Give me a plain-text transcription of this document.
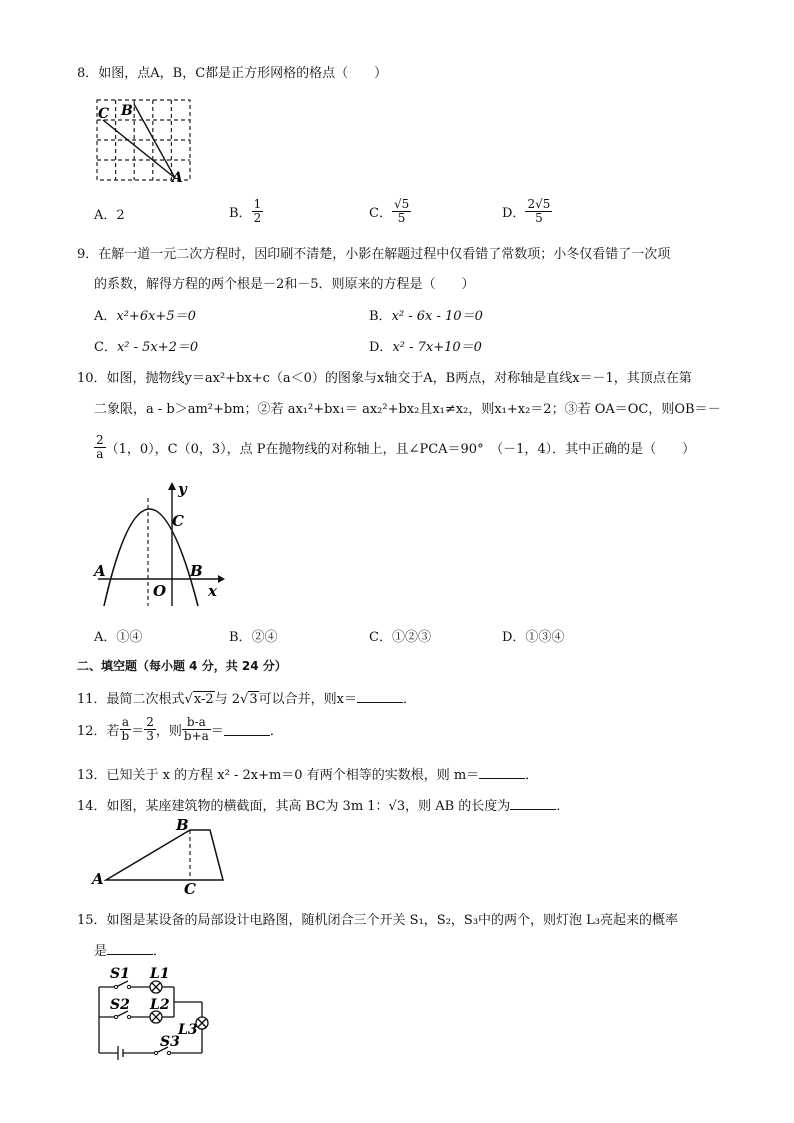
8．如图，点A，B，C都是正方形网格的格点（　　）
C B
A
A．2	B． $\frac{1}{2}$	C． $\frac{√5}{5}$	D． $\frac{2√5}{5}$
9．在解一道一元二次方程时，因印刷不清楚，小影在解题过程中仅看错了常数项；小冬仅看错了一次项
的系数，解得方程的两个根是－2和－5．则原来的方程是（　　）
A．x²+6x+5＝0	B．x² - 6x - 10＝0
C．x² - 5x+2＝0	D．x² - 7x+10＝0
10．如图，抛物线y＝ax²+bx+c（a＜0）的图象与x轴交于A，B两点，对称轴是直线x＝－1，其顶点在第
二象限，a - b＞am²+bm；②若 ax₁²+bx₁＝ ax₂²+bx₂且x₁≠x₂，则x₁+x₂＝2；③若 OA＝OC，则OB＝－
$\frac{2}{a} (1$，0），C（0，3），点 P在抛物线的对称轴上，且∠PCA＝90°　（－1，4）．其中正确的是（　　）
y
C
A
O
B
x
A．①④	B．②④	C．①②③	D．①③④
二、填空题（每小题 4 分，共 24 分）
11．最简二次根式√x-2与 2√3可以合并，则x＝	．
12．若 $\frac{a}{b} = \frac{2}{3}$ ，则 $\frac{b-a}{b+a}$ ＝	．
13．已知关于 x 的方程 x² - 2x+m＝0 有两个相等的实数根，则 m＝	．
14．如图，某座建筑物的横截面，其高 BC为 3m 1：√3，则 AB 的长度为	．
A
B
C
15．如图是某设备的局部设计电路图，随机闭合三个开关 S₁，S₂，S₃中的两个，则灯泡 L₃亮起来的概率
是	．
S1 L1
S2 L2
L3
S3
